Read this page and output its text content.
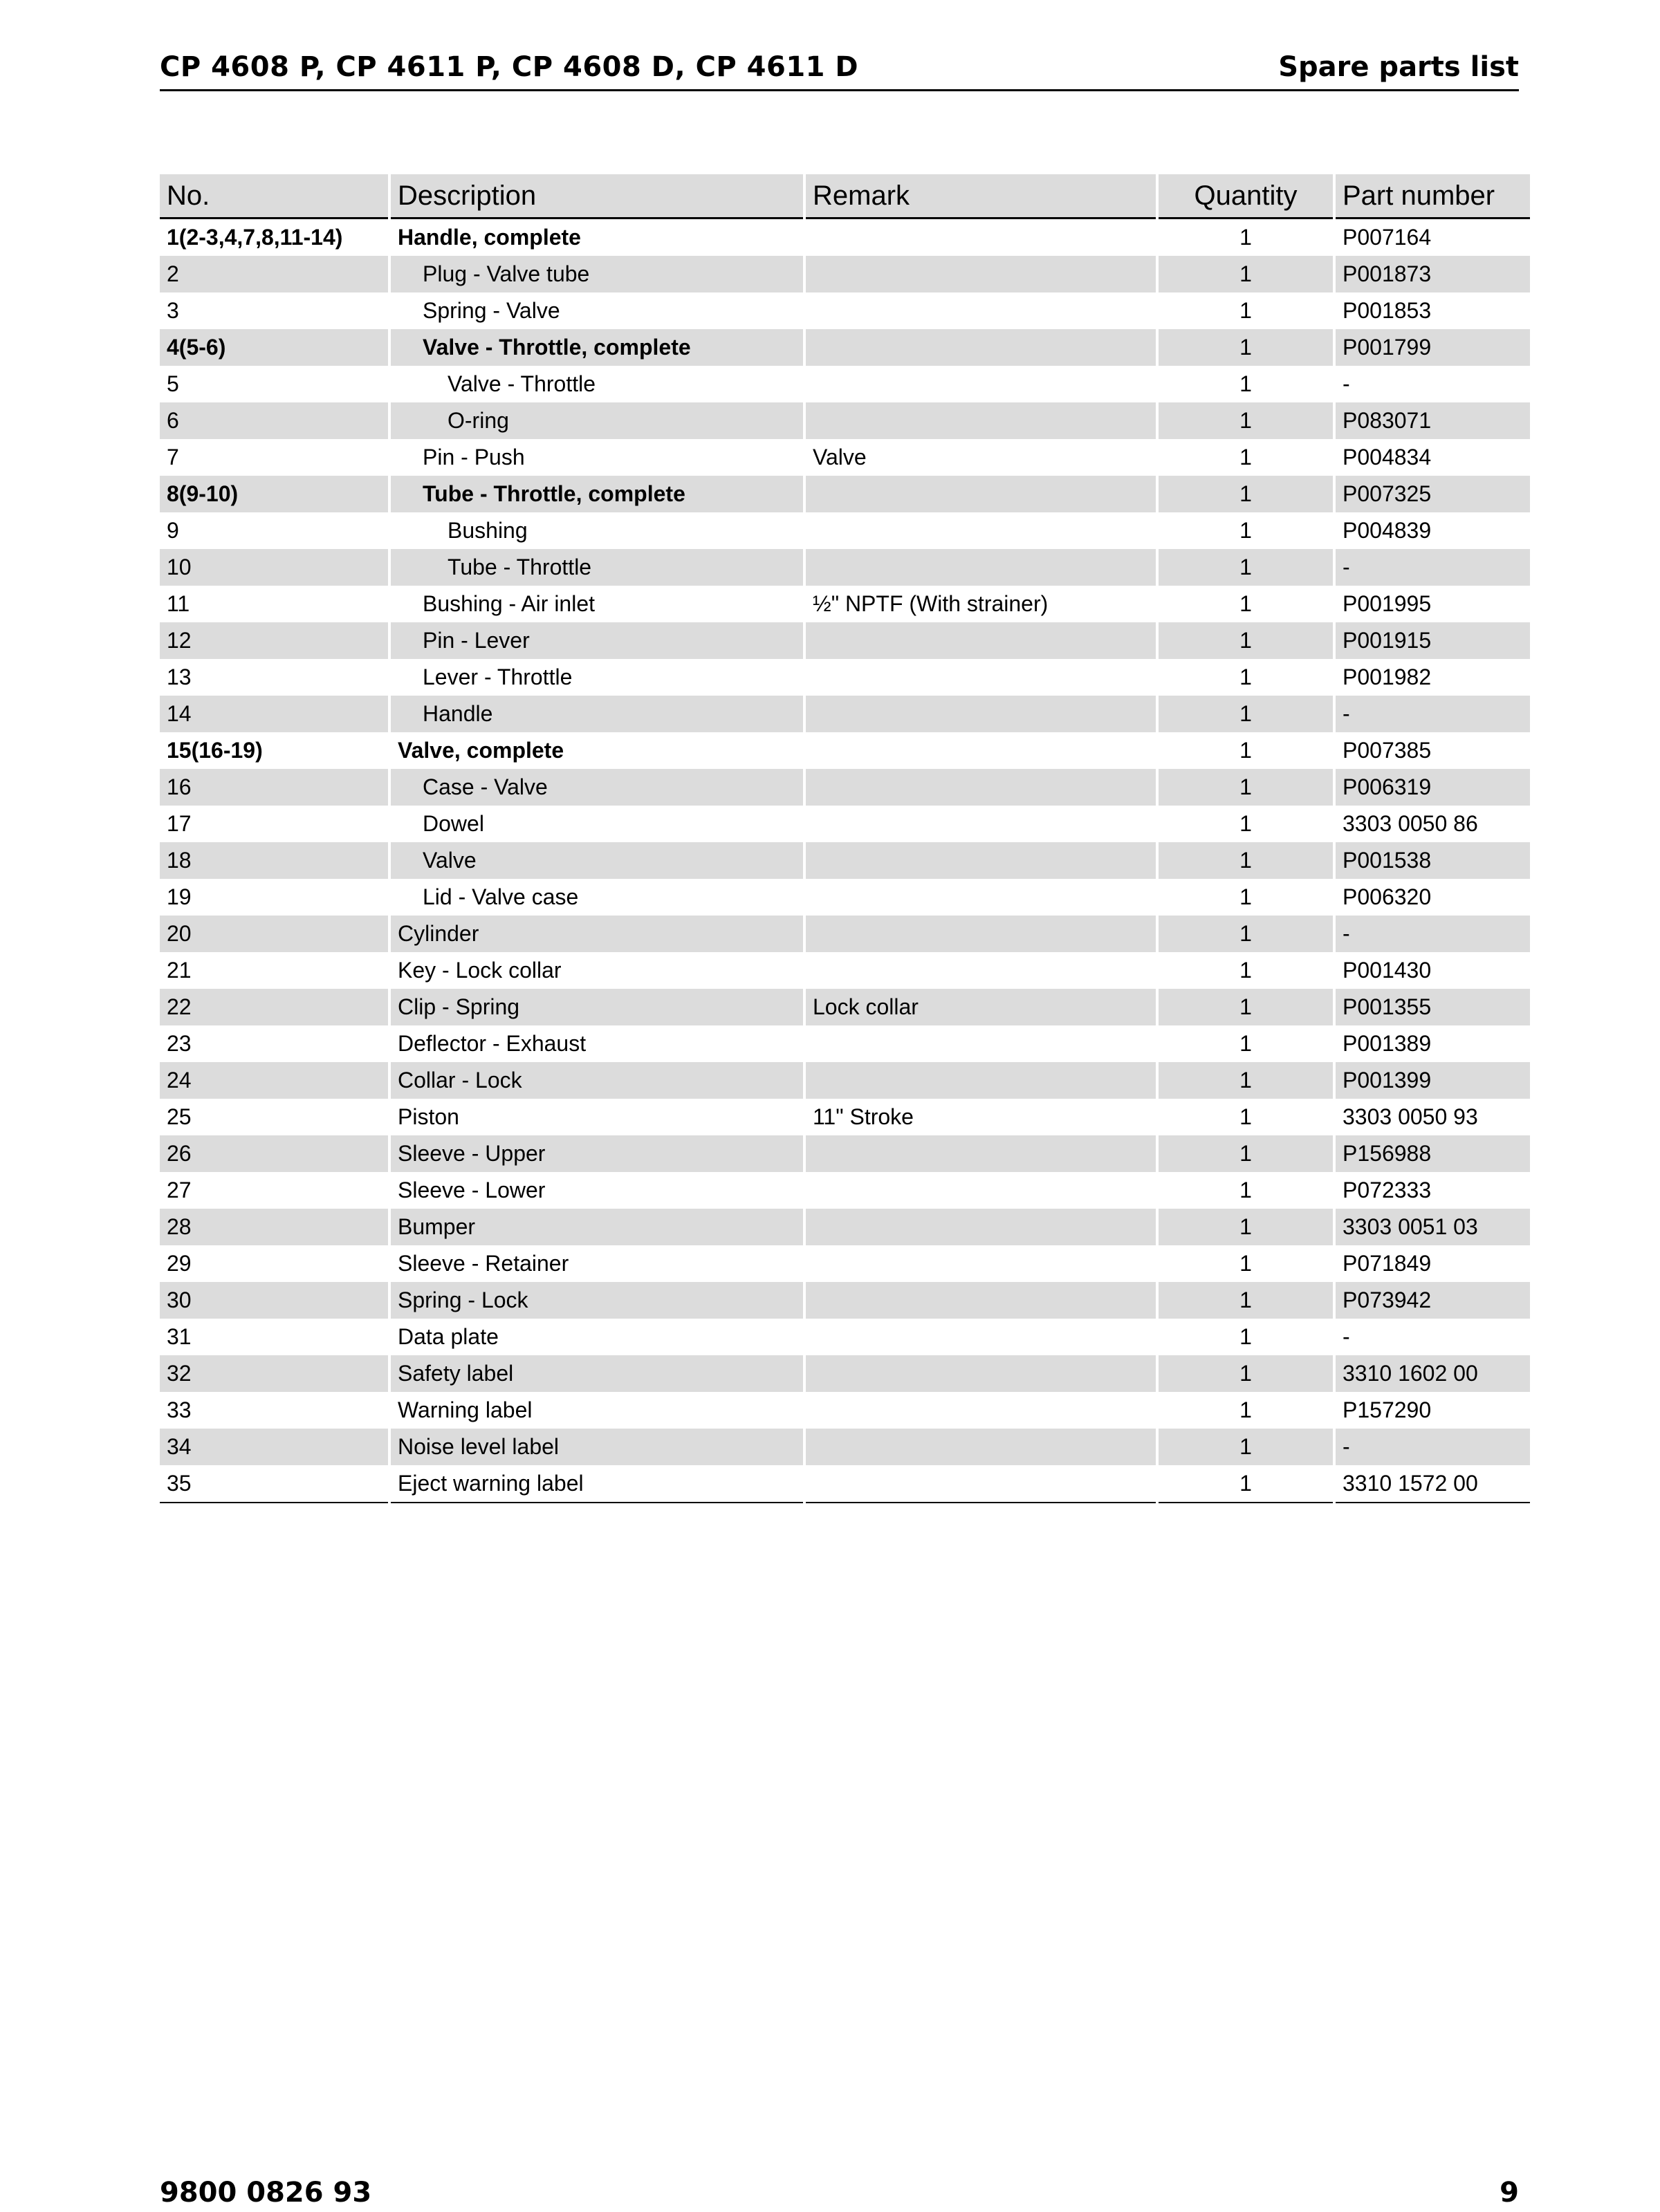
CP 4608 P, CP 4611 P, CP 4608 D, CP 4611 D	Spare parts list
No.	Description	Remark	Quantity	Part number
1(2-3,4,7,8,11-14)	Handle, complete		1	P007164
2	Plug - Valve tube		1	P001873
3	Spring - Valve		1	P001853
4(5-6)	Valve - Throttle, complete		1	P001799
5	Valve - Throttle		1	-
6	O-ring		1	P083071
7	Pin - Push	Valve	1	P004834
8(9-10)	Tube - Throttle, complete		1	P007325
9	Bushing		1	P004839
10	Tube - Throttle		1	-
11	Bushing - Air inlet	½" NPTF (With strainer)	1	P001995
12	Pin - Lever		1	P001915
13	Lever - Throttle		1	P001982
14	Handle		1	-
15(16-19)	Valve, complete		1	P007385
16	Case - Valve		1	P006319
17	Dowel		1	3303 0050 86
18	Valve		1	P001538
19	Lid - Valve case		1	P006320
20	Cylinder		1	-
21	Key - Lock collar		1	P001430
22	Clip - Spring	Lock collar	1	P001355
23	Deflector - Exhaust		1	P001389
24	Collar - Lock		1	P001399
25	Piston	11" Stroke	1	3303 0050 93
26	Sleeve - Upper		1	P156988
27	Sleeve - Lower		1	P072333
28	Bumper		1	3303 0051 03
29	Sleeve - Retainer		1	P071849
30	Spring - Lock		1	P073942
31	Data plate		1	-
32	Safety label		1	3310 1602 00
33	Warning label		1	P157290
34	Noise level label		1	-
35	Eject warning label		1	3310 1572 00
9800 0826 93	9
